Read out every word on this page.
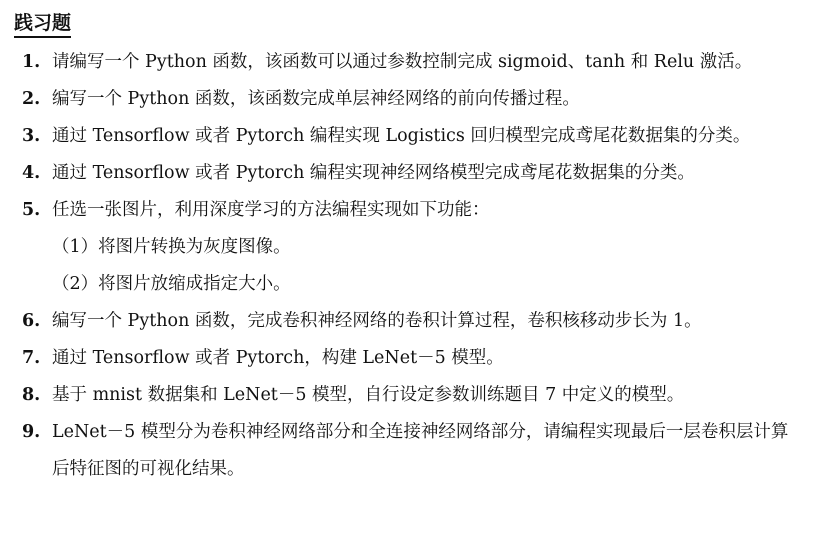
践习题
1. 请编写一个 Python 函数，该函数可以通过参数控制完成 sigmoid、tanh 和 Relu 激活。
2. 编写一个 Python 函数，该函数完成单层神经网络的前向传播过程。
3. 通过 Tensorflow 或者 Pytorch 编程实现 Logistics 回归模型完成鸢尾花数据集的分类。
4. 通过 Tensorflow 或者 Pytorch 编程实现神经网络模型完成鸢尾花数据集的分类。
5. 任选一张图片，利用深度学习的方法编程实现如下功能：
（1）将图片转换为灰度图像。
（2）将图片放缩成指定大小。
6. 编写一个 Python 函数，完成卷积神经网络的卷积计算过程，卷积核移动步长为 1。
7. 通过 Tensorflow 或者 Pytorch，构建 LeNet－5 模型。
8. 基于 mnist 数据集和 LeNet－5 模型，自行设定参数训练题目 7 中定义的模型。
9. LeNet－5 模型分为卷积神经网络部分和全连接神经网络部分，请编程实现最后一层卷积层计算后特征图的可视化结果。
